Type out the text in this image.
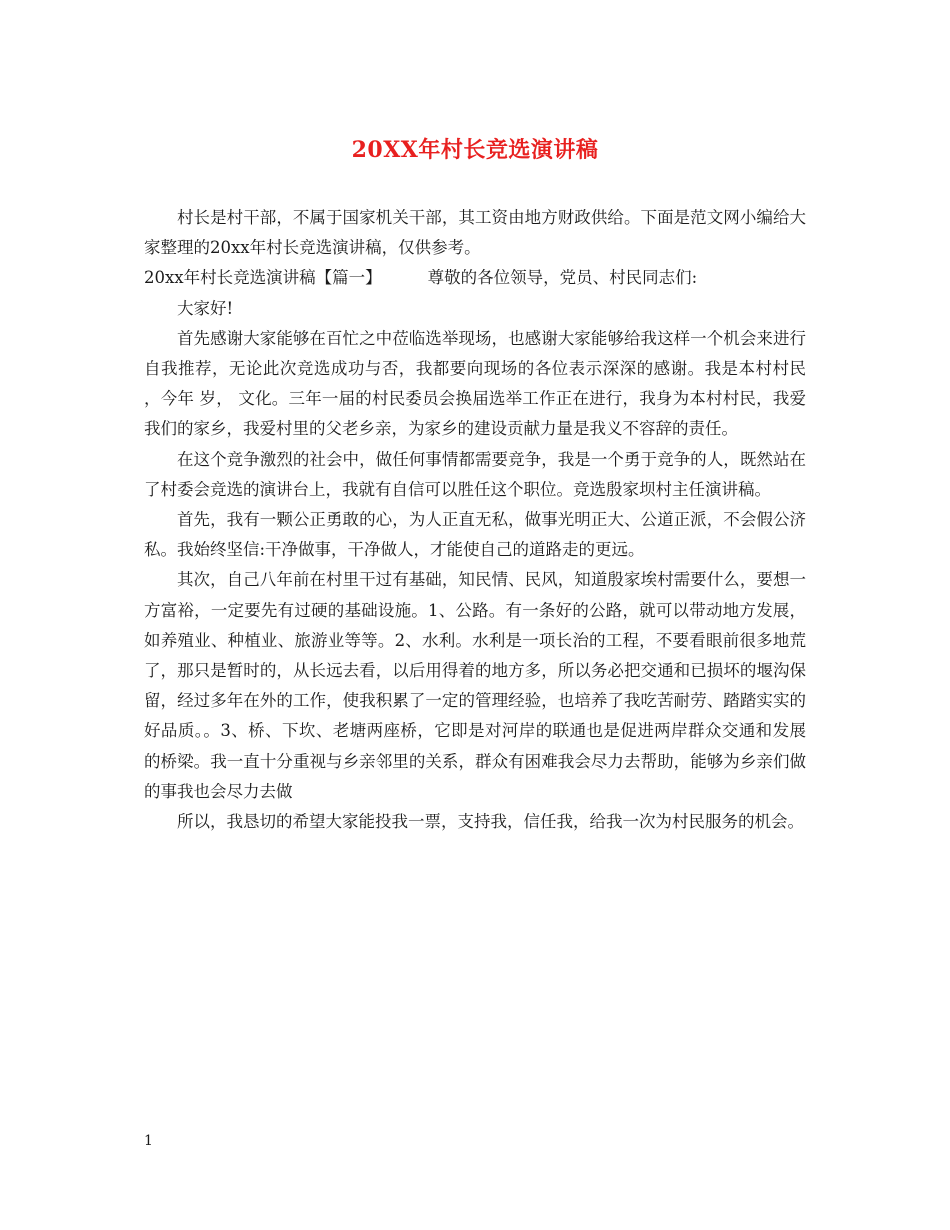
20XX年村长竞选演讲稿

村长是村干部，不属于国家机关干部，其工资由地方财政供给。下面是范文网小编给大家整理的20xx年村长竞选演讲稿，仅供参考。

20xx年村长竞选演讲稿【篇一】	尊敬的各位领导，党员、村民同志们:

大家好!

首先感谢大家能够在百忙之中莅临选举现场，也感谢大家能够给我这样一个机会来进行自我推荐，无论此次竞选成功与否，我都要向现场的各位表示深深的感谢。我是本村村民 ，今年 岁， 文化。三年一届的村民委员会换届选举工作正在进行，我身为本村村民，我爱我们的家乡，我爱村里的父老乡亲，为家乡的建设贡献力量是我义不容辞的责任。

在这个竞争激烈的社会中，做任何事情都需要竞争，我是一个勇于竞争的人，既然站在了村委会竞选的演讲台上，我就有自信可以胜任这个职位。竞选殷家坝村主任演讲稿。

首先，我有一颗公正勇敢的心，为人正直无私，做事光明正大、公道正派，不会假公济私。我始终坚信:干净做事，干净做人，才能使自己的道路走的更远。

其次，自己八年前在村里干过有基础，知民情、民风，知道殷家埃村需要什么，要想一方富裕，一定要先有过硬的基础设施。1、公路。有一条好的公路，就可以带动地方发展，如养殖业、种植业、旅游业等等。2、水利。水利是一项长治的工程，不要看眼前很多地荒了，那只是暂时的，从长远去看，以后用得着的地方多，所以务必把交通和已损坏的堰沟保留，经过多年在外的工作，使我积累了一定的管理经验，也培养了我吃苦耐劳、踏踏实实的好品质。。3、桥、下坎、老塘两座桥，它即是对河岸的联通也是促进两岸群众交通和发展的桥梁。我一直十分重视与乡亲邻里的关系，群众有困难我会尽力去帮助，能够为乡亲们做的事我也会尽力去做

所以，我恳切的希望大家能投我一票，支持我，信任我，给我一次为村民服务的机会。

1
